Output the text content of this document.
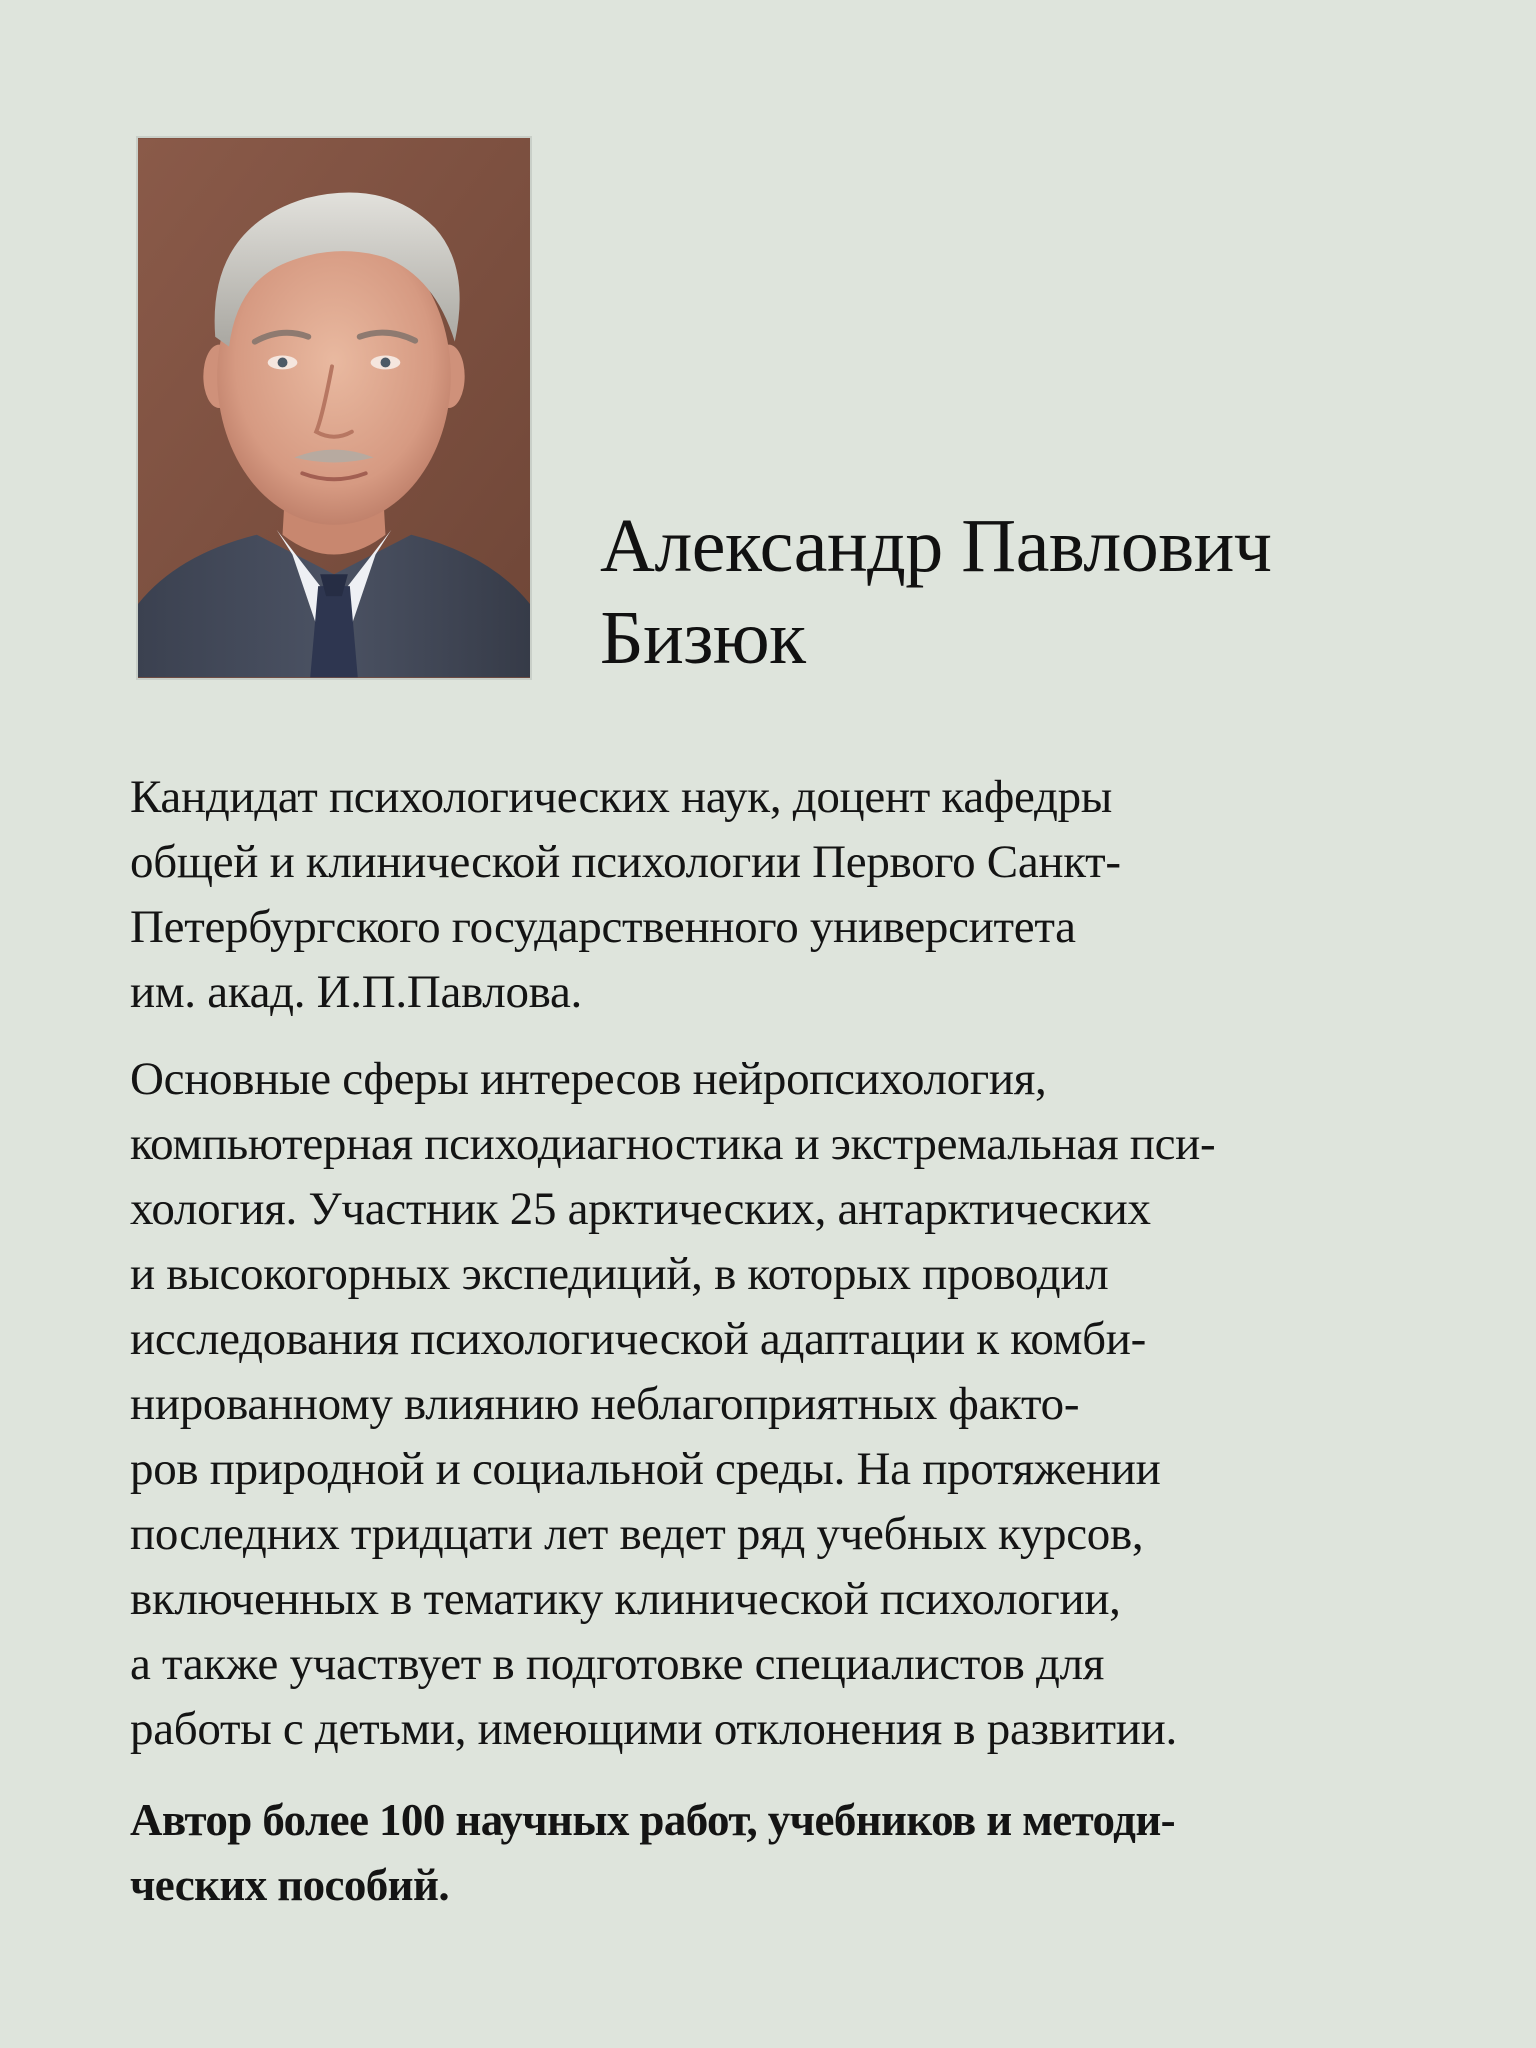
Александр Павлович
Бизюк

Кандидат психологических наук, доцент кафедры
общей и клинической психологии Первого Санкт-
Петербургского государственного университета
им. акад. И.П.Павлова.

Основные сферы интересов нейропсихология,
компьютерная психодиагностика и экстремальная пси-
хология. Участник 25 арктических, антарктических
и высокогорных экспедиций, в которых проводил
исследования психологической адаптации к комби-
нированному влиянию неблагоприятных факто-
ров природной и социальной среды. На протяжении
последних тридцати лет ведет ряд учебных курсов,
включенных в тематику клинической психологии,
а также участвует в подготовке специалистов для
работы с детьми, имеющими отклонения в развитии.

Автор более 100 научных работ, учебников и методи-
ческих пособий.
